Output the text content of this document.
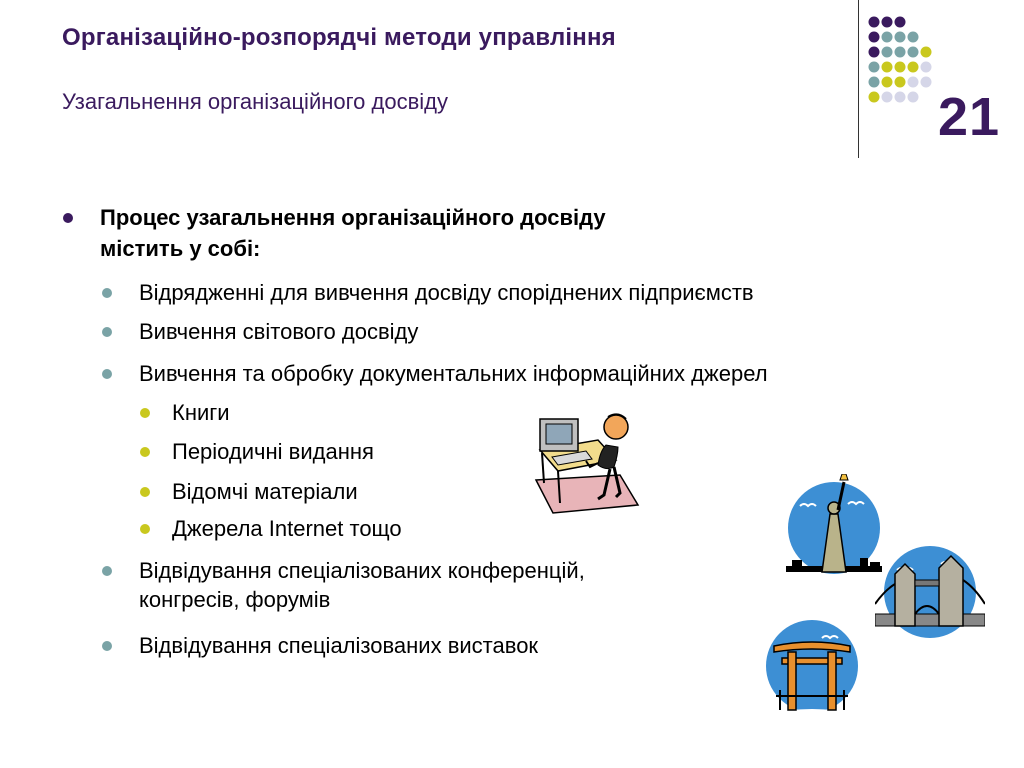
Організаційно-розпорядчі методи управління
Узагальнення організаційного досвіду	21
Процес узагальнення організаційного досвіду
містить у собі:
Відрядженні для вивчення досвіду споріднених підприємств
Вивчення світового досвіду
Вивчення та обробку документальних інформаційних джерел
Книги
Періодичні видання
Відомчі матеріали
Джерела Internet тощо
Відвідування спеціалізованих конференцій,
конгресів, форумів
Відвідування спеціалізованих виставок
